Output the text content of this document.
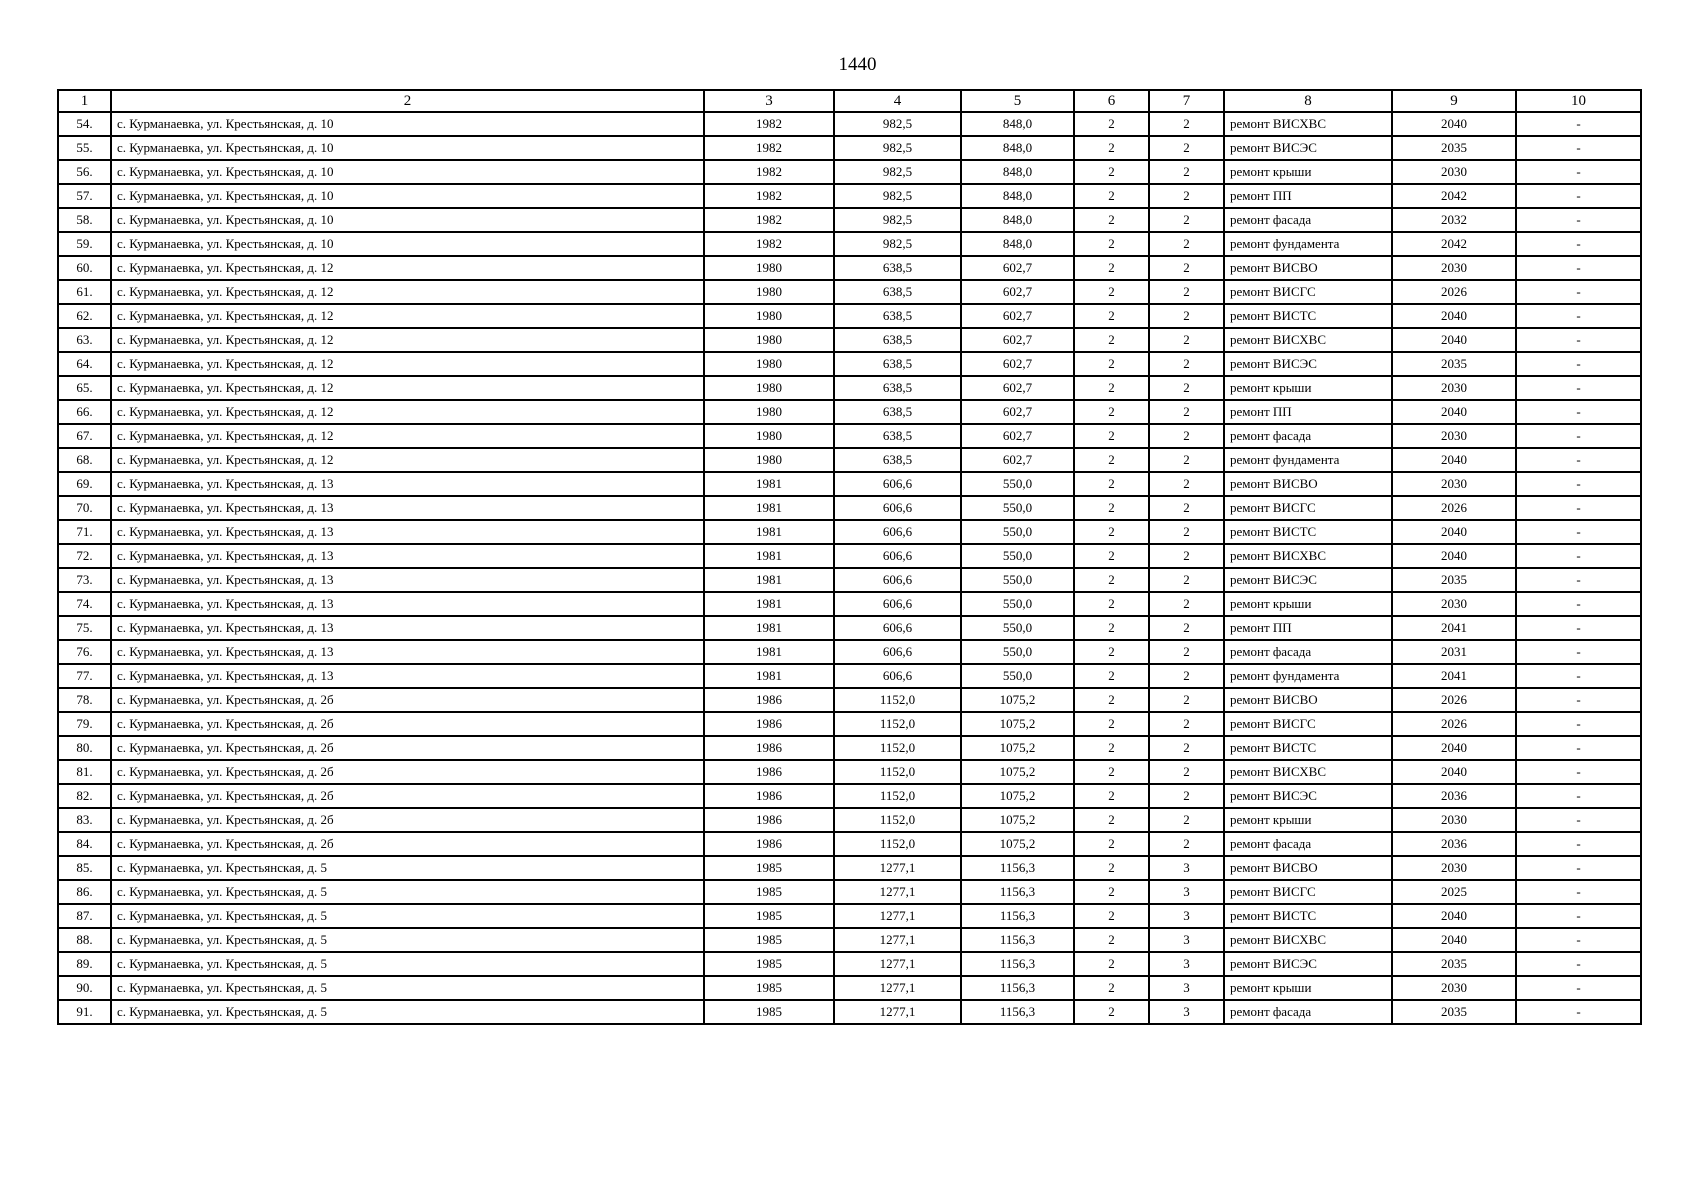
1440
1	2	3	4	5	6	7	8	9	10
54.	с. Курманаевка, ул. Крестьянская, д. 10	1982	982,5	848,0	2	2	ремонт ВИСХВС	2040	-
55.	с. Курманаевка, ул. Крестьянская, д. 10	1982	982,5	848,0	2	2	ремонт ВИСЭС	2035	-
56.	с. Курманаевка, ул. Крестьянская, д. 10	1982	982,5	848,0	2	2	ремонт крыши	2030	-
57.	с. Курманаевка, ул. Крестьянская, д. 10	1982	982,5	848,0	2	2	ремонт ПП	2042	-
58.	с. Курманаевка, ул. Крестьянская, д. 10	1982	982,5	848,0	2	2	ремонт фасада	2032	-
59.	с. Курманаевка, ул. Крестьянская, д. 10	1982	982,5	848,0	2	2	ремонт фундамента	2042	-
60.	с. Курманаевка, ул. Крестьянская, д. 12	1980	638,5	602,7	2	2	ремонт ВИСВО	2030	-
61.	с. Курманаевка, ул. Крестьянская, д. 12	1980	638,5	602,7	2	2	ремонт ВИСГС	2026	-
62.	с. Курманаевка, ул. Крестьянская, д. 12	1980	638,5	602,7	2	2	ремонт ВИСТС	2040	-
63.	с. Курманаевка, ул. Крестьянская, д. 12	1980	638,5	602,7	2	2	ремонт ВИСХВС	2040	-
64.	с. Курманаевка, ул. Крестьянская, д. 12	1980	638,5	602,7	2	2	ремонт ВИСЭС	2035	-
65.	с. Курманаевка, ул. Крестьянская, д. 12	1980	638,5	602,7	2	2	ремонт крыши	2030	-
66.	с. Курманаевка, ул. Крестьянская, д. 12	1980	638,5	602,7	2	2	ремонт ПП	2040	-
67.	с. Курманаевка, ул. Крестьянская, д. 12	1980	638,5	602,7	2	2	ремонт фасада	2030	-
68.	с. Курманаевка, ул. Крестьянская, д. 12	1980	638,5	602,7	2	2	ремонт фундамента	2040	-
69.	с. Курманаевка, ул. Крестьянская, д. 13	1981	606,6	550,0	2	2	ремонт ВИСВО	2030	-
70.	с. Курманаевка, ул. Крестьянская, д. 13	1981	606,6	550,0	2	2	ремонт ВИСГС	2026	-
71.	с. Курманаевка, ул. Крестьянская, д. 13	1981	606,6	550,0	2	2	ремонт ВИСТС	2040	-
72.	с. Курманаевка, ул. Крестьянская, д. 13	1981	606,6	550,0	2	2	ремонт ВИСХВС	2040	-
73.	с. Курманаевка, ул. Крестьянская, д. 13	1981	606,6	550,0	2	2	ремонт ВИСЭС	2035	-
74.	с. Курманаевка, ул. Крестьянская, д. 13	1981	606,6	550,0	2	2	ремонт крыши	2030	-
75.	с. Курманаевка, ул. Крестьянская, д. 13	1981	606,6	550,0	2	2	ремонт ПП	2041	-
76.	с. Курманаевка, ул. Крестьянская, д. 13	1981	606,6	550,0	2	2	ремонт фасада	2031	-
77.	с. Курманаевка, ул. Крестьянская, д. 13	1981	606,6	550,0	2	2	ремонт фундамента	2041	-
78.	с. Курманаевка, ул. Крестьянская, д. 2б	1986	1152,0	1075,2	2	2	ремонт ВИСВО	2026	-
79.	с. Курманаевка, ул. Крестьянская, д. 2б	1986	1152,0	1075,2	2	2	ремонт ВИСГС	2026	-
80.	с. Курманаевка, ул. Крестьянская, д. 2б	1986	1152,0	1075,2	2	2	ремонт ВИСТС	2040	-
81.	с. Курманаевка, ул. Крестьянская, д. 2б	1986	1152,0	1075,2	2	2	ремонт ВИСХВС	2040	-
82.	с. Курманаевка, ул. Крестьянская, д. 2б	1986	1152,0	1075,2	2	2	ремонт ВИСЭС	2036	-
83.	с. Курманаевка, ул. Крестьянская, д. 2б	1986	1152,0	1075,2	2	2	ремонт крыши	2030	-
84.	с. Курманаевка, ул. Крестьянская, д. 2б	1986	1152,0	1075,2	2	2	ремонт фасада	2036	-
85.	с. Курманаевка, ул. Крестьянская, д. 5	1985	1277,1	1156,3	2	3	ремонт ВИСВО	2030	-
86.	с. Курманаевка, ул. Крестьянская, д. 5	1985	1277,1	1156,3	2	3	ремонт ВИСГС	2025	-
87.	с. Курманаевка, ул. Крестьянская, д. 5	1985	1277,1	1156,3	2	3	ремонт ВИСТС	2040	-
88.	с. Курманаевка, ул. Крестьянская, д. 5	1985	1277,1	1156,3	2	3	ремонт ВИСХВС	2040	-
89.	с. Курманаевка, ул. Крестьянская, д. 5	1985	1277,1	1156,3	2	3	ремонт ВИСЭС	2035	-
90.	с. Курманаевка, ул. Крестьянская, д. 5	1985	1277,1	1156,3	2	3	ремонт крыши	2030	-
91.	с. Курманаевка, ул. Крестьянская, д. 5	1985	1277,1	1156,3	2	3	ремонт фасада	2035	-
